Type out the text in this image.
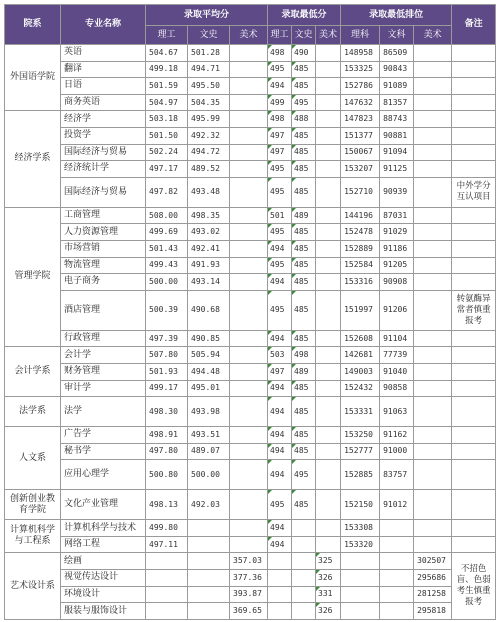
院系	专业名称	录取平均分			录取最低分			录取最低排位			备注
		理工	文史	美术	理工	文史	美术	理科	文科	美术	
外国语学院	英语	504.67	501.28		498	490		148958	86509		
	翻译	499.18	494.71		495	485		153325	90843		
	日语	501.59	495.50		494	485		152786	91089		
	商务英语	504.97	504.35		499	495		147632	81357		
经济学系	经济学	503.18	495.99		498	488		147823	88743		
	投资学	501.50	492.32		497	485		151377	90881		
	国际经济与贸易	502.24	494.72		497	485		150067	91094		
	经济统计学	497.17	489.52		495	485		153207	91125		
	国际经济与贸易	497.82	493.48		495	485		152710	90939		中外学分互认项目
管理学院	工商管理	508.00	498.35		501	489		144196	87031		
	人力资源管理	499.69	493.02		495	485		152478	91029		
	市场营销	501.43	492.41		494	485		152889	91186		
	物流管理	499.43	491.93		495	485		152584	91205		
	电子商务	500.00	493.14		494	485		153316	90908		
	酒店管理	500.39	490.68		495	485		151997	91206		转氨酶异常者慎重报考
	行政管理	497.39	490.85		494	485		152608	91104		
会计学系	会计学	507.80	505.94		503	498		142681	77739		
	财务管理	501.93	494.48		497	489		149003	91040		
	审计学	499.17	495.01		494	485		152432	90858		
法学系	法学	498.30	493.98		494	485		153331	91063		
人文系	广告学	498.91	493.51		494	485		153250	91162		
	秘书学	497.80	489.07		494	485		152777	91000		
	应用心理学	500.80	500.00		494	495		152885	83757		
创新创业教育学院	文化产业管理	498.13	492.03		495	485		152150	91012		
计算机科学与工程系	计算机科学与技术	499.80			494			153308			
	网络工程	497.11			494			153320			
艺术设计系	绘画			357.03			325			302507	不招色盲、色弱考生慎重报考
	视觉传达设计			377.36			326			295686	
	环境设计			393.87			331			281258	
	服装与服饰设计			369.65			326			295818	
